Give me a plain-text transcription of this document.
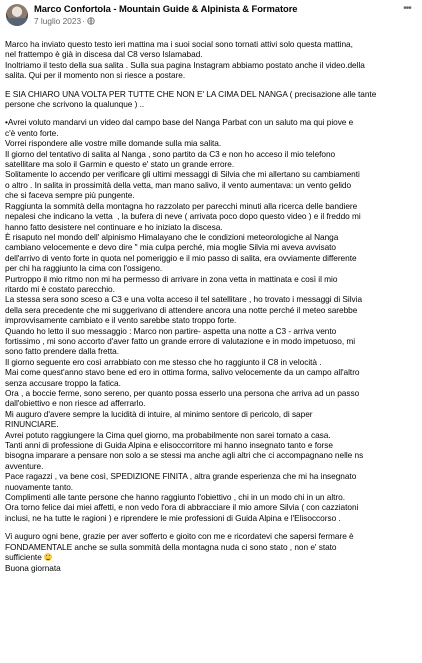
Marco Confortola - Mountain Guide & Alpinista & Formatore
7 luglio 2023·
•••

Marco ha inviato questo testo ieri mattina ma i suoi social sono tornati attivi solo questa mattina,
nel frattempo è già in discesa dal C8 verso Islamabad.
Inoltriamo il testo della sua salita . Sulla sua pagina Instagram abbiamo postato anche il video.della
salita. Qui per il momento non si riesce a postare.

E SIA CHIARO UNA VOLTA PER TUTTE CHE NON E' LA CIMA DEL NANGA ( precisazione alle tante
persone che scrivono la qualunque ) ..

•Avrei voluto mandarvi un video dal campo base del Nanga Parbat con un saluto ma qui piove e
c'è vento forte.
Vorrei rispondere alle vostre mille domande sulla mia salita.
Il giorno del tentativo di salita al Nanga , sono partito da C3 e non ho acceso il mio telefono
satellitare ma solo il Garmin e questo e' stato un grande errore.
Solitamente lo accendo per verificare gli ultimi messaggi di Silvia che mi allertano su cambiamenti
o altro . In salita in prossimità della vetta, man mano salivo, il vento aumentava: un vento gelido
che si faceva sempre più pungente.
Raggiunta la sommità della montagna ho razzolato per parecchi minuti alla ricerca delle bandiere
nepalesi che indicano la vetta  , la bufera di neve ( arrivata poco dopo questo video ) e il freddo mi
hanno fatto desistere nel continuare e ho iniziato la discesa.
È risaputo nel mondo dell' alpinismo Himalayano che le condizioni meteorologiche al Nanga
cambiano velocemente e devo dire " mia culpa perché, mia moglie Silvia mi aveva avvisato
dell'arrivo di vento forte in quota nel pomeriggio e il mio passo di salita, era ovviamente differente
per chi ha raggiunto la cima con l'ossigeno.
Purtroppo il mio ritmo non mi ha permesso di arrivare in zona vetta in mattinata e così il mio
ritardo mi è costato parecchio.
La stessa sera sono sceso a C3 e una volta acceso il tel satellitare , ho trovato i messaggi di Silvia
della sera precedente che mi suggerivano di attendere ancora una notte perché il meteo sarebbe
improvvisamente cambiato e il vento sarebbe stato troppo forte.
Quando ho letto il suo messaggio : Marco non partire- aspetta una notte a C3 - arriva vento
fortissimo , mi sono accorto d'aver fatto un grande errore di valutazione e in modo impetuoso, mi
sono fatto prendere dalla fretta.
Il giorno seguente ero così arrabbiato con me stesso che ho raggiunto il C8 in velocità .
Mai come quest'anno stavo bene ed ero in ottima forma, salivo velocemente da un campo all'altro
senza accusare troppo la fatica.
Ora , a boccie ferme, sono sereno, per quanto possa esserlo una persona che arriva ad un passo
dall'obiettivo e non riesce ad afferrarlo.
Mi auguro d'avere sempre la lucidità di intuire, al minimo sentore di pericolo, di saper
RINUNCIARE.
Avrei potuto raggiungere la Cima quel giorno, ma probabilmente non sarei tornato a casa.
Tanti anni di professione di Guida Alpina e elisoccorritore mi hanno insegnato tanto e forse
bisogna imparare a pensare non solo a se stessi ma anche agli altri che ci accompagnano nelle ns
avventure.
Pace ragazzi , va bene così, SPEDIZIONE FINITA , altra grande esperienza che mi ha insegnato
nuovamente tanto.
Complimenti alle tante persone che hanno raggiunto l'obiettivo , chi in un modo chi in un altro.
Ora torno felice dai miei affetti, e non vedo l'ora di abbracciare il mio amore Silvia ( con cazziatoni
inclusi, ne ha tutte le ragioni ) e riprendere le mie professioni di Guida Alpina e l'Elisoccorso .

Vi auguro ogni bene, grazie per aver sofferto e gioito con me e ricordatevi che sapersi fermare è
FONDAMENTALE anche se sulla sommità della montagna nuda ci sono stato , non e' stato
sufficiente

Buona giornata
